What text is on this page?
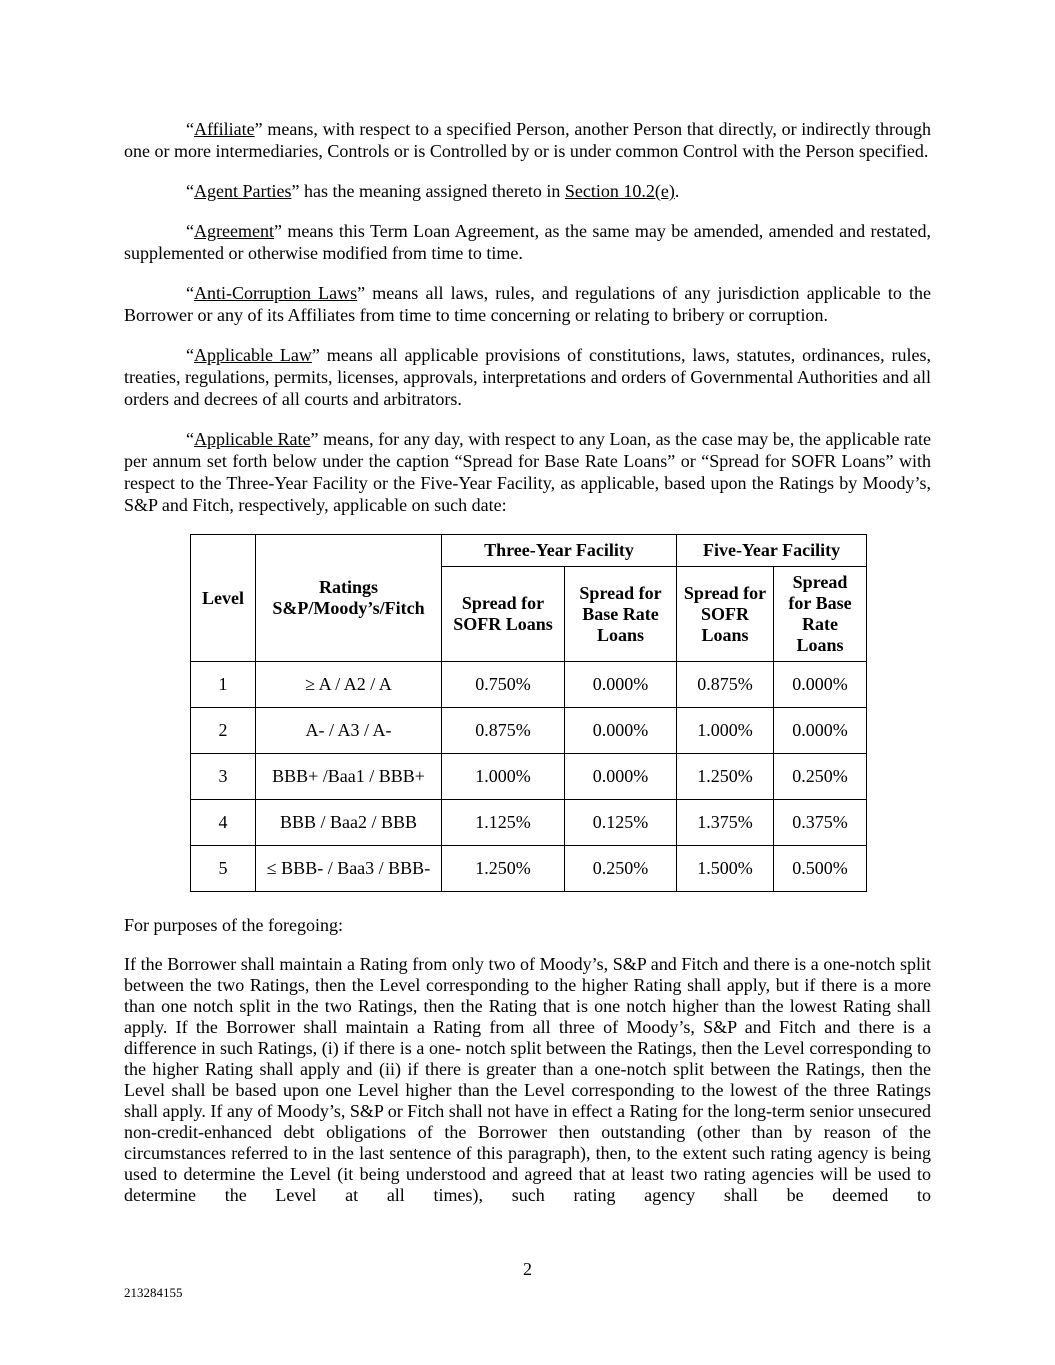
“Affiliate” means, with respect to a specified Person, another Person that directly, or indirectly through one or more intermediaries, Controls or is Controlled by or is under common Control with the Person specified.

“Agent Parties” has the meaning assigned thereto in Section 10.2(e).

“Agreement” means this Term Loan Agreement, as the same may be amended, amended and restated, supplemented or otherwise modified from time to time.

“Anti-Corruption Laws” means all laws, rules, and regulations of any jurisdiction applicable to the Borrower or any of its Affiliates from time to time concerning or relating to bribery or corruption.

“Applicable Law” means all applicable provisions of constitutions, laws, statutes, ordinances, rules, treaties, regulations, permits, licenses, approvals, interpretations and orders of Governmental Authorities and all orders and decrees of all courts and arbitrators.

“Applicable Rate” means, for any day, with respect to any Loan, as the case may be, the applicable rate per annum set forth below under the caption “Spread for Base Rate Loans” or “Spread for SOFR Loans” with respect to the Three-Year Facility or the Five-Year Facility, as applicable, based upon the Ratings by Moody’s, S&P and Fitch, respectively, applicable on such date:

Level	Ratings
S&P/Moody’s/Fitch	Three-Year Facility		Five-Year Facility	
		Spread for SOFR Loans	Spread for Base Rate Loans	Spread for SOFR Loans	Spread for Base Rate Loans
1	≥ A / A2 / A	0.750%	0.000%	0.875%	0.000%
2	A- / A3 / A-	0.875%	0.000%	1.000%	0.000%
3	BBB+ /Baa1 / BBB+	1.000%	0.000%	1.250%	0.250%
4	BBB / Baa2 / BBB	1.125%	0.125%	1.375%	0.375%
5	≤ BBB- / Baa3 / BBB-	1.250%	0.250%	1.500%	0.500%

For purposes of the foregoing:

If the Borrower shall maintain a Rating from only two of Moody’s, S&P and Fitch and there is a one-notch split between the two Ratings, then the Level corresponding to the higher Rating shall apply, but if there is a more than one notch split in the two Ratings, then the Rating that is one notch higher than the lowest Rating shall apply. If the Borrower shall maintain a Rating from all three of Moody’s, S&P and Fitch and there is a difference in such Ratings, (i) if there is a one- notch split between the Ratings, then the Level corresponding to the higher Rating shall apply and (ii) if there is greater than a one-notch split between the Ratings, then the Level shall be based upon one Level higher than the Level corresponding to the lowest of the three Ratings shall apply. If any of Moody’s, S&P or Fitch shall not have in effect a Rating for the long-term senior unsecured non-credit-enhanced debt obligations of the Borrower then outstanding (other than by reason of the circumstances referred to in the last sentence of this paragraph), then, to the extent such rating agency is being used to determine the Level (it being understood and agreed that at least two rating agencies will be used to determine the Level at all times), such rating agency shall be deemed to

2
213284155
